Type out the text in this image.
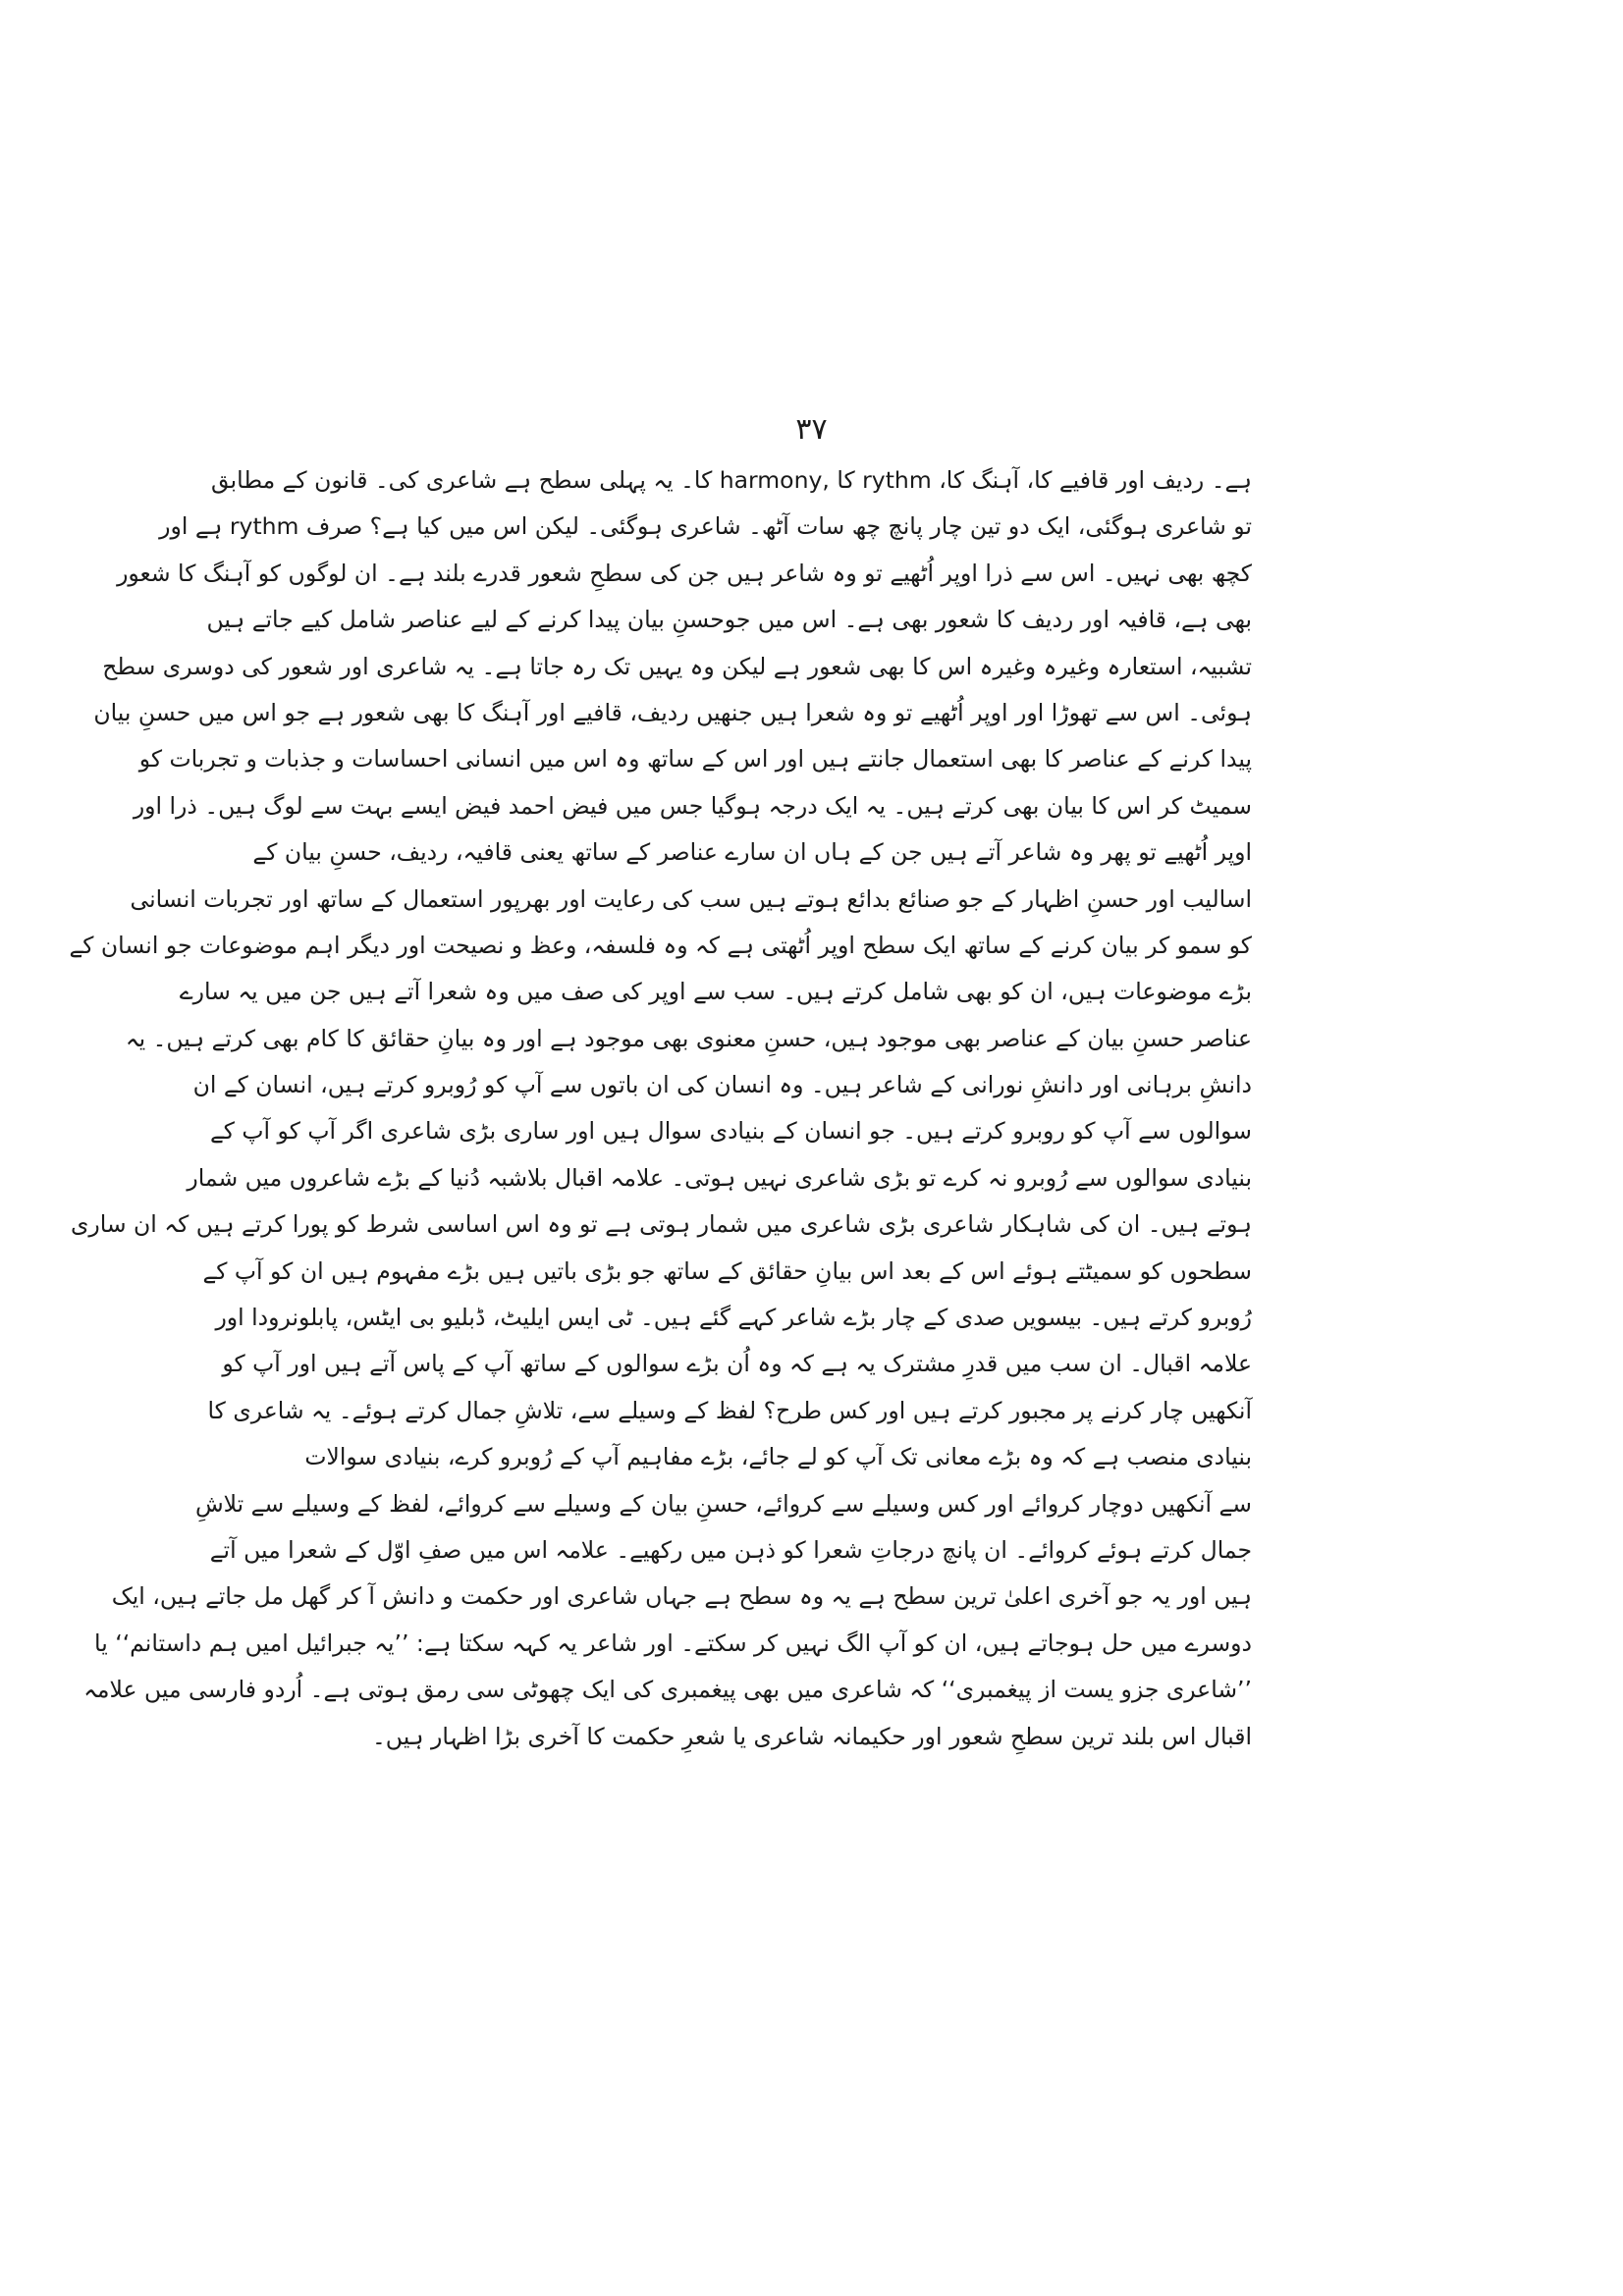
۳۷
ہے۔ ردیف اور قافیے کا، آہنگ کا، rythm کا ,harmony کا۔ یہ پہلی سطح ہے شاعری کی۔ قانون کے مطابق
تو شاعری ہوگئی، ایک دو تین چار پانچ چھ سات آٹھ۔ شاعری ہوگئی۔ لیکن اس میں کیا ہے؟ صرف rythm ہے اور
کچھ بھی نہیں۔ اس سے ذرا اوپر اُٹھیے تو وہ شاعر ہیں جن کی سطحِ شعور قدرے بلند ہے۔ ان لوگوں کو آہنگ کا شعور
بھی ہے، قافیہ اور ردیف کا شعور بھی ہے۔ اس میں جوحسنِ بیان پیدا کرنے کے لیے عناصر شامل کیے جاتے ہیں
تشبیہ، استعارہ وغیرہ وغیرہ اس کا بھی شعور ہے لیکن وہ یہیں تک رہ جاتا ہے۔ یہ شاعری اور شعور کی دوسری سطح
ہوئی۔ اس سے تھوڑا اور اوپر اُٹھیے تو وہ شعرا ہیں جنھیں ردیف، قافیے اور آہنگ کا بھی شعور ہے جو اس میں حسنِ بیان
پیدا کرنے کے عناصر کا بھی استعمال جانتے ہیں اور اس کے ساتھ وہ اس میں انسانی احساسات و جذبات و تجربات کو
سمیٹ کر اس کا بیان بھی کرتے ہیں۔ یہ ایک درجہ ہوگیا جس میں فیض احمد فیض ایسے بہت سے لوگ ہیں۔ ذرا اور
اوپر اُٹھیے تو پھر وہ شاعر آتے ہیں جن کے ہاں ان سارے عناصر کے ساتھ یعنی قافیہ، ردیف، حسنِ بیان کے
اسالیب اور حسنِ اظہار کے جو صنائع بدائع ہوتے ہیں سب کی رعایت اور بھرپور استعمال کے ساتھ اور تجربات انسانی
کو سمو کر بیان کرنے کے ساتھ ایک سطح اوپر اُٹھتی ہے کہ وہ فلسفہ، وعظ و نصیحت اور دیگر اہم موضوعات جو انسان کے
بڑے موضوعات ہیں، ان کو بھی شامل کرتے ہیں۔ سب سے اوپر کی صف میں وہ شعرا آتے ہیں جن میں یہ سارے
عناصر حسنِ بیان کے عناصر بھی موجود ہیں، حسنِ معنوی بھی موجود ہے اور وہ بیانِ حقائق کا کام بھی کرتے ہیں۔ یہ
دانشِ برہانی اور دانشِ نورانی کے شاعر ہیں۔ وہ انسان کی ان باتوں سے آپ کو رُوبرو کرتے ہیں، انسان کے ان
سوالوں سے آپ کو روبرو کرتے ہیں۔ جو انسان کے بنیادی سوال ہیں اور ساری بڑی شاعری اگر آپ کو آپ کے
بنیادی سوالوں سے رُوبرو نہ کرے تو بڑی شاعری نہیں ہوتی۔ علامہ اقبال بلاشبہ دُنیا کے بڑے شاعروں میں شمار
ہوتے ہیں۔ ان کی شاہکار شاعری بڑی شاعری میں شمار ہوتی ہے تو وہ اس اساسی شرط کو پورا کرتے ہیں کہ ان ساری
سطحوں کو سمیٹتے ہوئے اس کے بعد اس بیانِ حقائق کے ساتھ جو بڑی باتیں ہیں بڑے مفہوم ہیں ان کو آپ کے
رُوبرو کرتے ہیں۔ بیسویں صدی کے چار بڑے شاعر کہے گئے ہیں۔ ٹی ایس ایلیٹ، ڈبلیو بی ایٹس، پابلونرودا اور
علامہ اقبال۔ ان سب میں قدرِ مشترک یہ ہے کہ وہ اُن بڑے سوالوں کے ساتھ آپ کے پاس آتے ہیں اور آپ کو
آنکھیں چار کرنے پر مجبور کرتے ہیں اور کس طرح؟ لفظ کے وسیلے سے، تلاشِ جمال کرتے ہوئے۔ یہ شاعری کا
بنیادی منصب ہے کہ وہ بڑے معانی تک آپ کو لے جائے، بڑے مفاہیم آپ کے رُوبرو کرے، بنیادی سوالات
سے آنکھیں دوچار کروائے اور کس وسیلے سے کروائے، حسنِ بیان کے وسیلے سے کروائے، لفظ کے وسیلے سے تلاشِ
جمال کرتے ہوئے کروائے۔ ان پانچ درجاتِ شعرا کو ذہن میں رکھیے۔ علامہ اس میں صفِ اوّل کے شعرا میں آتے
ہیں اور یہ جو آخری اعلیٰ ترین سطح ہے یہ وہ سطح ہے جہاں شاعری اور حکمت و دانش آ کر گھل مل جاتے ہیں، ایک
دوسرے میں حل ہوجاتے ہیں، ان کو آپ الگ نہیں کر سکتے۔ اور شاعر یہ کہہ سکتا ہے: ’’یہ جبرائیل امیں ہم داستانم‘‘ یا
’’شاعری جزو یست از پیغمبری‘‘ کہ شاعری میں بھی پیغمبری کی ایک چھوٹی سی رمق ہوتی ہے۔ اُردو فارسی میں علامہ
اقبال اس بلند ترین سطحِ شعور اور حکیمانہ شاعری یا شعرِ حکمت کا آخری بڑا اظہار ہیں۔
